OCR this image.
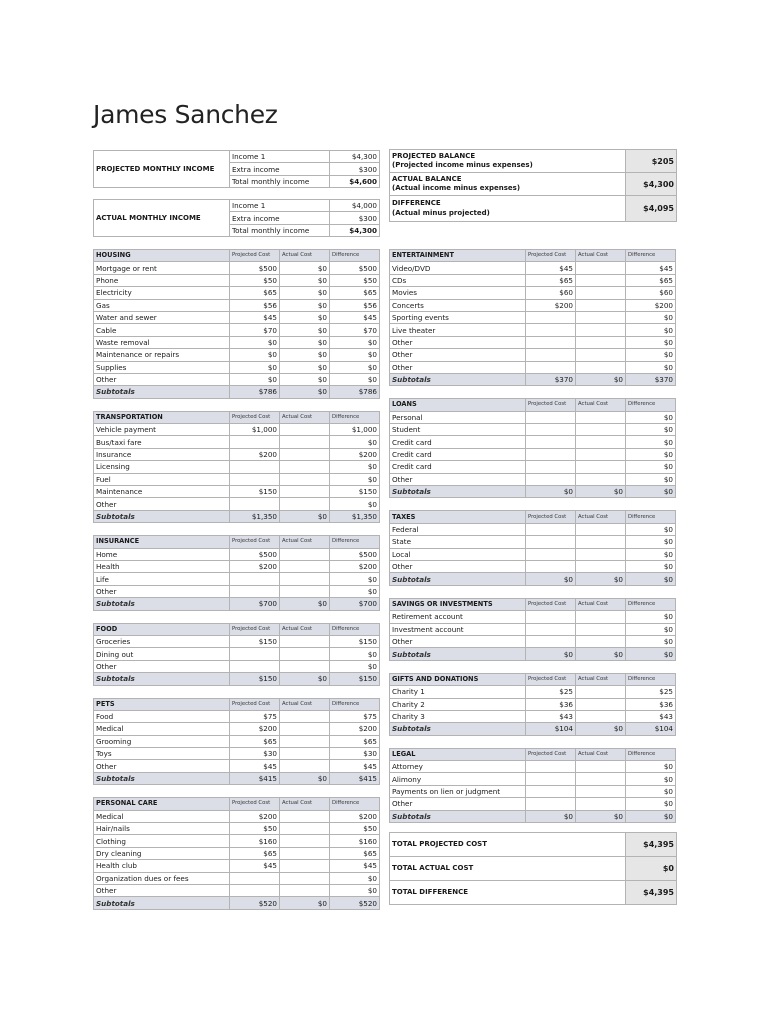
James Sanchez
PROJECTED MONTHLY INCOME	Income 1	$4,300
	Extra income	$300
	Total monthly income	$4,600
ACTUAL MONTHLY INCOME	Income 1	$4,000
	Extra income	$300
	Total monthly income	$4,300
PROJECTED BALANCE
(Projected income minus expenses)	$205
ACTUAL BALANCE
(Actual income minus expenses)	$4,300
DIFFERENCE
(Actual minus projected)	$4,095
HOUSING	Projected Cost	Actual Cost	Difference
Mortgage or rent	$500	$0	$500
Phone	$50	$0	$50
Electricity	$65	$0	$65
Gas	$56	$0	$56
Water and sewer	$45	$0	$45
Cable	$70	$0	$70
Waste removal	$0	$0	$0
Maintenance or repairs	$0	$0	$0
Supplies	$0	$0	$0
Other	$0	$0	$0
Subtotals	$786	$0	$786
TRANSPORTATION	Projected Cost	Actual Cost	Difference
Vehicle payment	$1,000		$1,000
Bus/taxi fare			$0
Insurance	$200		$200
Licensing			$0
Fuel			$0
Maintenance	$150		$150
Other			$0
Subtotals	$1,350	$0	$1,350
INSURANCE	Projected Cost	Actual Cost	Difference
Home	$500		$500
Health	$200		$200
Life			$0
Other			$0
Subtotals	$700	$0	$700
FOOD	Projected Cost	Actual Cost	Difference
Groceries	$150		$150
Dining out			$0
Other			$0
Subtotals	$150	$0	$150
PETS	Projected Cost	Actual Cost	Difference
Food	$75		$75
Medical	$200		$200
Grooming	$65		$65
Toys	$30		$30
Other	$45		$45
Subtotals	$415	$0	$415
PERSONAL CARE	Projected Cost	Actual Cost	Difference
Medical	$200		$200
Hair/nails	$50		$50
Clothing	$160		$160
Dry cleaning	$65		$65
Health club	$45		$45
Organization dues or fees			$0
Other			$0
Subtotals	$520	$0	$520
ENTERTAINMENT	Projected Cost	Actual Cost	Difference
Video/DVD	$45		$45
CDs	$65		$65
Movies	$60		$60
Concerts	$200		$200
Sporting events			$0
Live theater			$0
Other			$0
Other			$0
Other			$0
Subtotals	$370	$0	$370
LOANS	Projected Cost	Actual Cost	Difference
Personal			$0
Student			$0
Credit card			$0
Credit card			$0
Credit card			$0
Other			$0
Subtotals	$0	$0	$0
TAXES	Projected Cost	Actual Cost	Difference
Federal			$0
State			$0
Local			$0
Other			$0
Subtotals	$0	$0	$0
SAVINGS OR INVESTMENTS	Projected Cost	Actual Cost	Difference
Retirement account			$0
Investment account			$0
Other			$0
Subtotals	$0	$0	$0
GIFTS AND DONATIONS	Projected Cost	Actual Cost	Difference
Charity 1	$25		$25
Charity 2	$36		$36
Charity 3	$43		$43
Subtotals	$104	$0	$104
LEGAL	Projected Cost	Actual Cost	Difference
Attorney			$0
Alimony			$0
Payments on lien or judgment			$0
Other			$0
Subtotals	$0	$0	$0
TOTAL PROJECTED COST	$4,395
TOTAL ACTUAL COST	$0
TOTAL DIFFERENCE	$4,395
